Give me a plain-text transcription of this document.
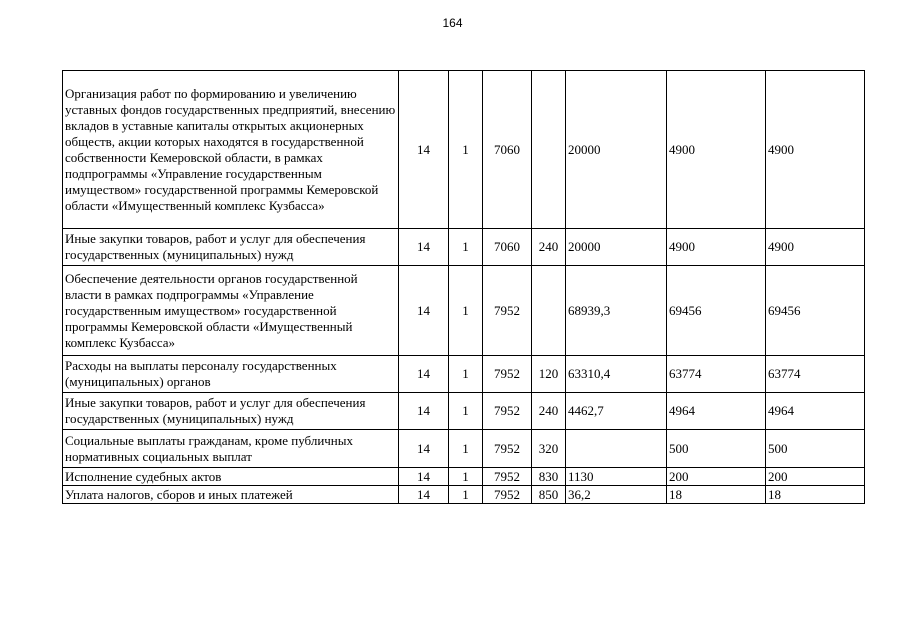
164
Организация работ по формированию и увеличению уставных фондов государственных предприятий, внесению вкладов в уставные капиталы открытых акционерных обществ, акции которых находятся в государственной собственности Кемеровской области, в рамках подпрограммы «Управление государственным имуществом» государственной программы Кемеровской области «Имущественный комплекс Кузбасса»	14	1	7060		20000	4900	4900
Иные закупки товаров, работ и услуг для обеспечения государственных (муниципальных) нужд	14	1	7060	240	20000	4900	4900
Обеспечение деятельности органов государственной власти в рамках подпрограммы «Управление государственным имуществом» государственной программы Кемеровской области «Имущественный комплекс Кузбасса»	14	1	7952		68939,3	69456	69456
Расходы на выплаты персоналу государственных (муниципальных) органов	14	1	7952	120	63310,4	63774	63774
Иные закупки товаров, работ и услуг для обеспечения государственных (муниципальных) нужд	14	1	7952	240	4462,7	4964	4964
Социальные выплаты гражданам, кроме публичных нормативных социальных выплат	14	1	7952	320		500	500
Исполнение судебных актов	14	1	7952	830	1130	200	200
Уплата налогов, сборов и иных платежей	14	1	7952	850	36,2	18	18
